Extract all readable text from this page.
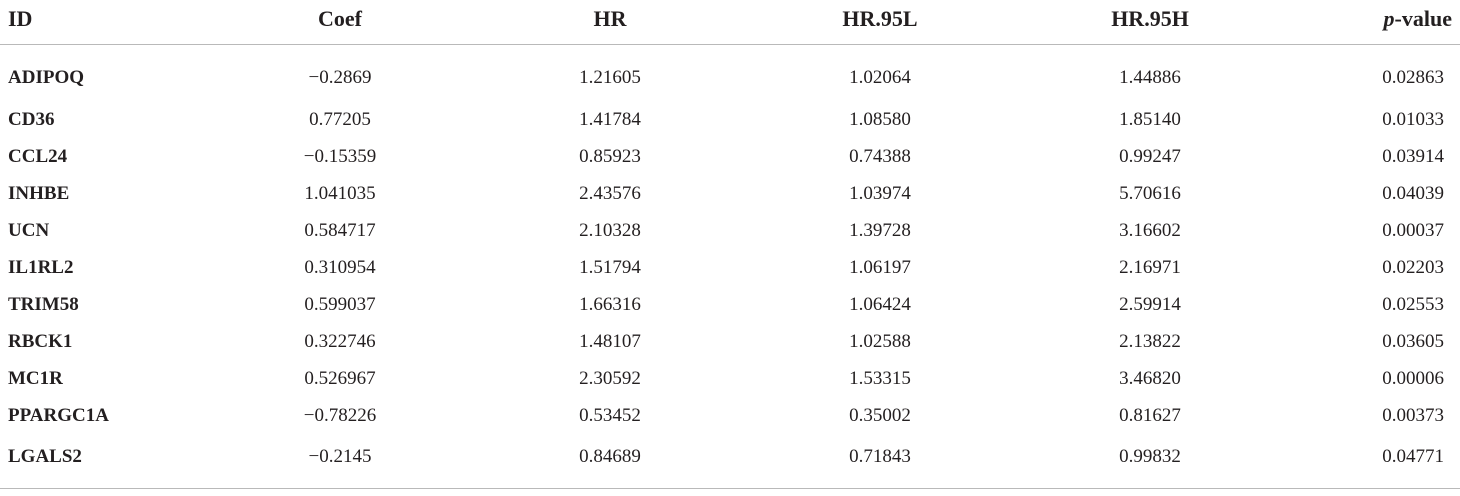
ID	Coef	HR	HR.95L	HR.95H	p-value
ADIPOQ	−0.2869	1.21605	1.02064	1.44886	0.02863
CD36	0.77205	1.41784	1.08580	1.85140	0.01033
CCL24	−0.15359	0.85923	0.74388	0.99247	0.03914
INHBE	1.041035	2.43576	1.03974	5.70616	0.04039
UCN	0.584717	2.10328	1.39728	3.16602	0.00037
IL1RL2	0.310954	1.51794	1.06197	2.16971	0.02203
TRIM58	0.599037	1.66316	1.06424	2.59914	0.02553
RBCK1	0.322746	1.48107	1.02588	2.13822	0.03605
MC1R	0.526967	2.30592	1.53315	3.46820	0.00006
PPARGC1A	−0.78226	0.53452	0.35002	0.81627	0.00373
LGALS2	−0.2145	0.84689	0.71843	0.99832	0.04771
